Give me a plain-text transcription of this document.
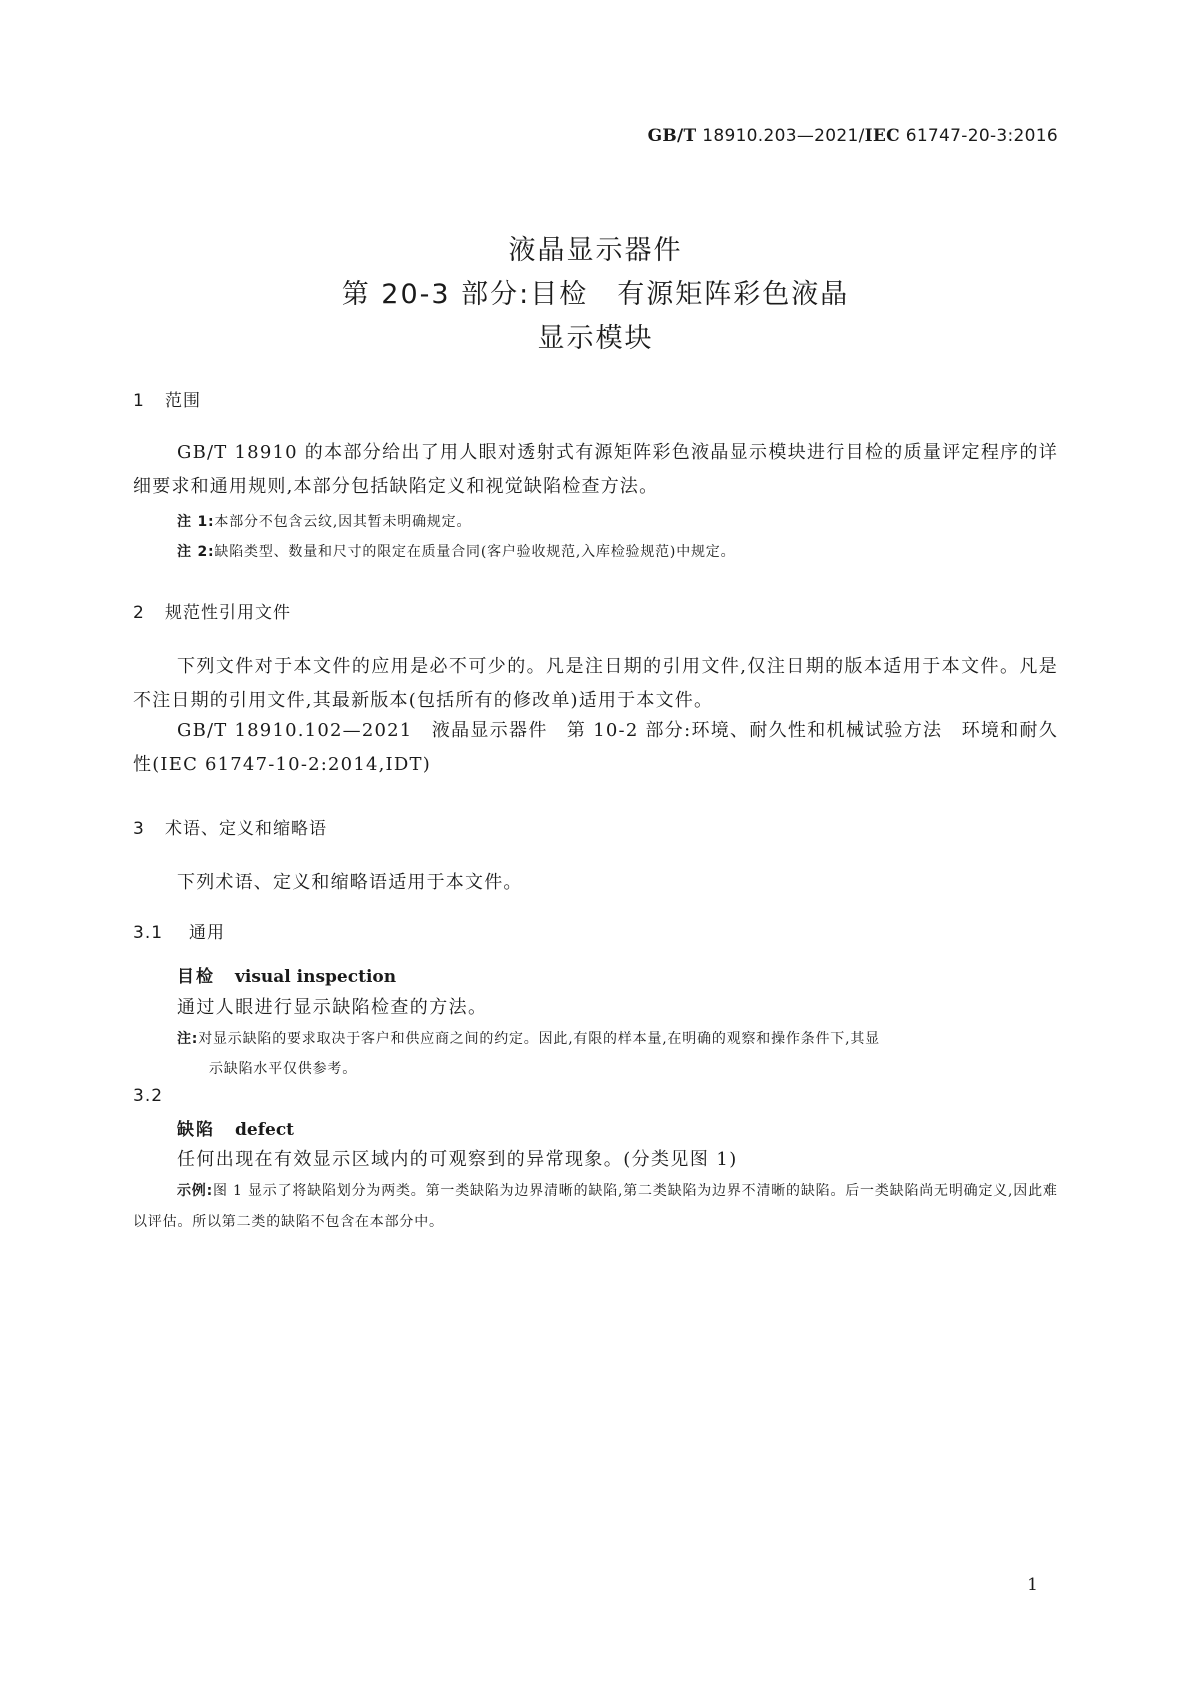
GB/T 18910.203—2021/IEC 61747-20-3:2016
液晶显示器件
第 20-3 部分:目检　有源矩阵彩色液晶
显示模块
1 范围
GB/T 18910 的本部分给出了用人眼对透射式有源矩阵彩色液晶显示模块进行目检的质量评定程序的详细要求和通用规则,本部分包括缺陷定义和视觉缺陷检查方法。
注 1:本部分不包含云纹,因其暂未明确规定。
注 2:缺陷类型、数量和尺寸的限定在质量合同(客户验收规范,入库检验规范)中规定。
2 规范性引用文件
下列文件对于本文件的应用是必不可少的。凡是注日期的引用文件,仅注日期的版本适用于本文件。凡是不注日期的引用文件,其最新版本(包括所有的修改单)适用于本文件。
GB/T 18910.102—2021　液晶显示器件　第 10-2 部分:环境、耐久性和机械试验方法　环境和耐久性(IEC 61747-10-2:2014,IDT)
3 术语、定义和缩略语
下列术语、定义和缩略语适用于本文件。
3.1 通用
目检 visual inspection
通过人眼进行显示缺陷检查的方法。
注:对显示缺陷的要求取决于客户和供应商之间的约定。因此,有限的样本量,在明确的观察和操作条件下,其显
示缺陷水平仅供参考。
3.2
缺陷 defect
任何出现在有效显示区域内的可观察到的异常现象。(分类见图 1)
示例:图 1 显示了将缺陷划分为两类。第一类缺陷为边界清晰的缺陷,第二类缺陷为边界不清晰的缺陷。后一类缺陷尚无明确定义,因此难以评估。所以第二类的缺陷不包含在本部分中。
1
